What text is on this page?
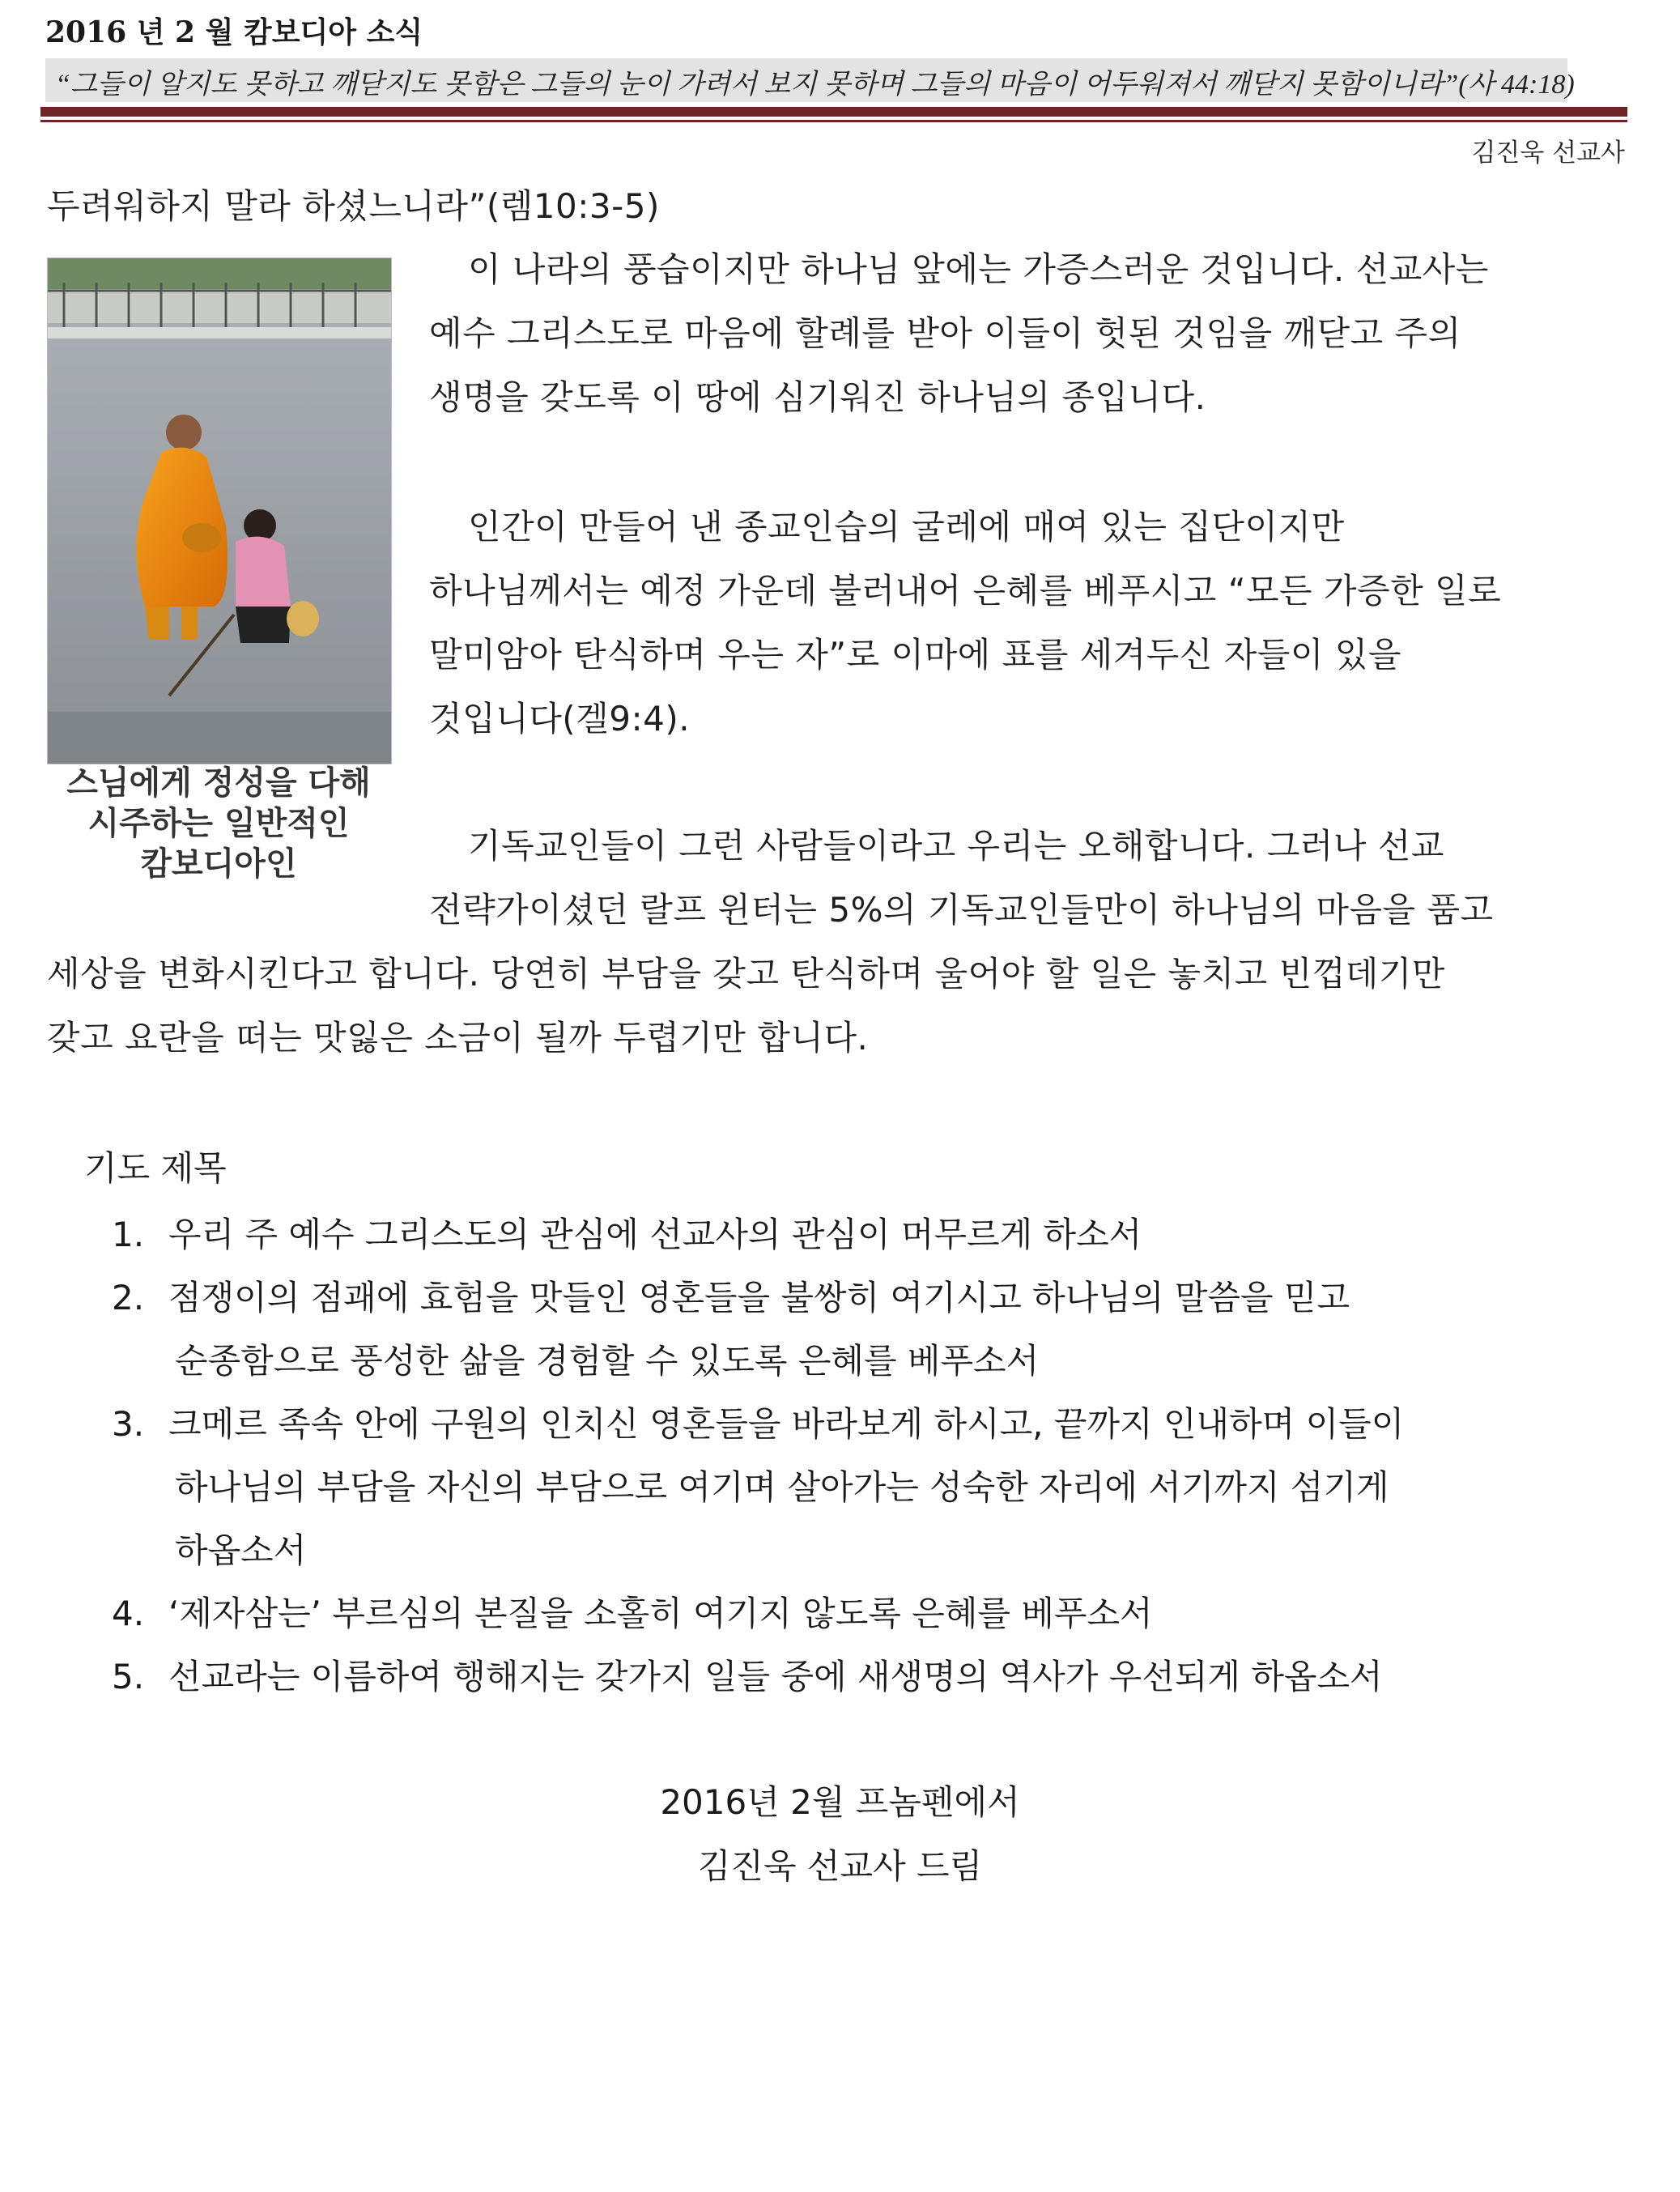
2016 년 2 월 캄보디아 소식
“그들이 알지도 못하고 깨닫지도 못함은 그들의 눈이 가려서 보지 못하며 그들의 마음이 어두워져서 깨닫지 못함이니라”(사 44:18)
김진욱 선교사
두려워하지 말라 하셨느니라”(렘10:3-5)
스님에게 정성을 다해
시주하는 일반적인
캄보디아인
이 나라의 풍습이지만 하나님 앞에는 가증스러운 것입니다. 선교사는
예수 그리스도로 마음에 할례를 받아 이들이 헛된 것임을 깨닫고 주의
생명을 갖도록 이 땅에 심기워진 하나님의 종입니다.
인간이 만들어 낸 종교인습의 굴레에 매여 있는 집단이지만
하나님께서는 예정 가운데 불러내어 은혜를 베푸시고 “모든 가증한 일로
말미암아 탄식하며 우는 자”로 이마에 표를 세겨두신 자들이 있을
것입니다(겔9:4).
기독교인들이 그런 사람들이라고 우리는 오해합니다. 그러나 선교
전략가이셨던 랄프 윈터는 5%의 기독교인들만이 하나님의 마음을 품고
세상을 변화시킨다고 합니다. 당연히 부담을 갖고 탄식하며 울어야 할 일은 놓치고 빈껍데기만
갖고 요란을 떠는 맛잃은 소금이 될까 두렵기만 합니다.
기도 제목
1. 우리 주 예수 그리스도의 관심에 선교사의 관심이 머무르게 하소서
2. 점쟁이의 점괘에 효험을 맛들인 영혼들을 불쌍히 여기시고 하나님의 말씀을 믿고
순종함으로 풍성한 삶을 경험할 수 있도록 은혜를 베푸소서
3. 크메르 족속 안에 구원의 인치신 영혼들을 바라보게 하시고, 끝까지 인내하며 이들이
하나님의 부담을 자신의 부담으로 여기며 살아가는 성숙한 자리에 서기까지 섬기게
하옵소서
4. ‘제자삼는’ 부르심의 본질을 소홀히 여기지 않도록 은혜를 베푸소서
5. 선교라는 이름하여 행해지는 갖가지 일들 중에 새생명의 역사가 우선되게 하옵소서
2016년 2월 프놈펜에서
김진욱 선교사 드림
